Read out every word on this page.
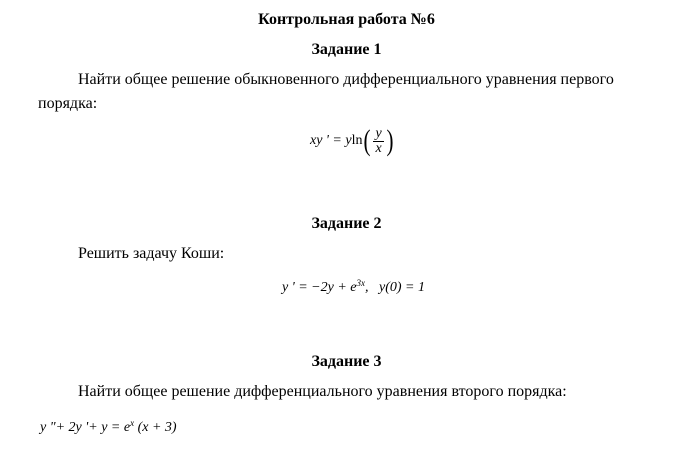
Контрольная работа №6
Задание 1
Найти общее решение обыкновенного дифференциального уравнения первого порядка:
xy ' = y ln ( $\frac{y}{x}$ )
Задание 2
Решить задачу Коши:
y ' = $-2y + e^{3x}$ ,   y(0) = 1
Задание 3
Найти общее решение дифференциального уравнения второго порядка:
y "+ 2y '+ $y = e^x$ (x + 3)
